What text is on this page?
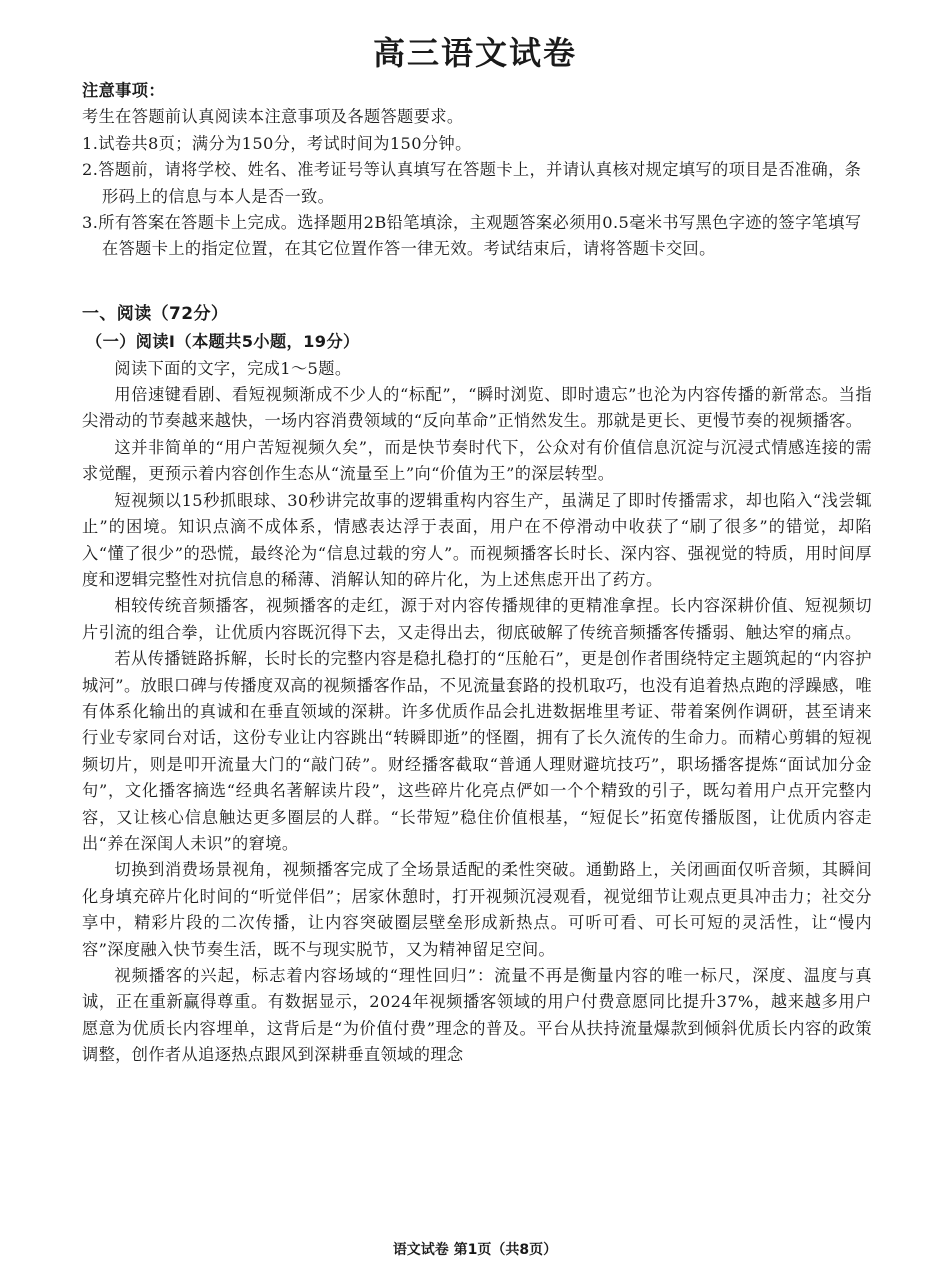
高三语文试卷
注意事项：

考生在答题前认真阅读本注意事项及各题答题要求。

1.试卷共8页；满分为150分，考试时间为150分钟。

2.答题前，请将学校、姓名、准考证号等认真填写在答题卡上，并请认真核对规定填写的项目是否准确，条形码上的信息与本人是否一致。

3.所有答案在答题卡上完成。选择题用2B铅笔填涂，主观题答案必须用0.5毫米书写黑色字迹的签字笔填写在答题卡上的指定位置，在其它位置作答一律无效。考试结束后，请将答题卡交回。

一、阅读（72分）
（一）阅读I（本题共5小题，19分）

阅读下面的文字，完成1～5题。

用倍速键看剧、看短视频渐成不少人的“标配”，“瞬时浏览、即时遗忘”也沦为内容传播的新常态。当指尖滑动的节奏越来越快，一场内容消费领域的“反向革命”正悄然发生。那就是更长、更慢节奏的视频播客。

这并非简单的“用户苦短视频久矣”，而是快节奏时代下，公众对有价值信息沉淀与沉浸式情感连接的需求觉醒，更预示着内容创作生态从“流量至上”向“价值为王”的深层转型。

短视频以15秒抓眼球、30秒讲完故事的逻辑重构内容生产，虽满足了即时传播需求，却也陷入“浅尝辄止”的困境。知识点滴不成体系，情感表达浮于表面，用户在不停滑动中收获了“刷了很多”的错觉，却陷入“懂了很少”的恐慌，最终沦为“信息过载的穷人”。而视频播客长时长、深内容、强视觉的特质，用时间厚度和逻辑完整性对抗信息的稀薄、消解认知的碎片化，为上述焦虑开出了药方。

相较传统音频播客，视频播客的走红，源于对内容传播规律的更精准拿捏。长内容深耕价值、短视频切片引流的组合拳，让优质内容既沉得下去，又走得出去，彻底破解了传统音频播客传播弱、触达窄的痛点。

若从传播链路拆解，长时长的完整内容是稳扎稳打的“压舱石”，更是创作者围绕特定主题筑起的“内容护城河”。放眼口碑与传播度双高的视频播客作品，不见流量套路的投机取巧，也没有追着热点跑的浮躁感，唯有体系化输出的真诚和在垂直领域的深耕。许多优质作品会扎进数据堆里考证、带着案例作调研，甚至请来行业专家同台对话，这份专业让内容跳出“转瞬即逝”的怪圈，拥有了长久流传的生命力。而精心剪辑的短视频切片，则是叩开流量大门的“敲门砖”。财经播客截取“普通人理财避坑技巧”，职场播客提炼“面试加分金句”，文化播客摘选“经典名著解读片段”，这些碎片化亮点俨如一个个精致的引子，既勾着用户点开完整内容，又让核心信息触达更多圈层的人群。“长带短”稳住价值根基，“短促长”拓宽传播版图，让优质内容走出“养在深闺人未识”的窘境。

切换到消费场景视角，视频播客完成了全场景适配的柔性突破。通勤路上，关闭画面仅听音频，其瞬间化身填充碎片化时间的“听觉伴侣”；居家休憩时，打开视频沉浸观看，视觉细节让观点更具冲击力；社交分享中，精彩片段的二次传播，让内容突破圈层壁垒形成新热点。可听可看、可长可短的灵活性，让“慢内容”深度融入快节奏生活，既不与现实脱节，又为精神留足空间。

视频播客的兴起，标志着内容场域的“理性回归”：流量不再是衡量内容的唯一标尺，深度、温度与真诚，正在重新赢得尊重。有数据显示，2024年视频播客领域的用户付费意愿同比提升37%，越来越多用户愿意为优质长内容埋单，这背后是“为价值付费”理念的普及。平台从扶持流量爆款到倾斜优质长内容的政策调整，创作者从追逐热点跟风到深耕垂直领域的理念

语文试卷 第1页（共8页）
